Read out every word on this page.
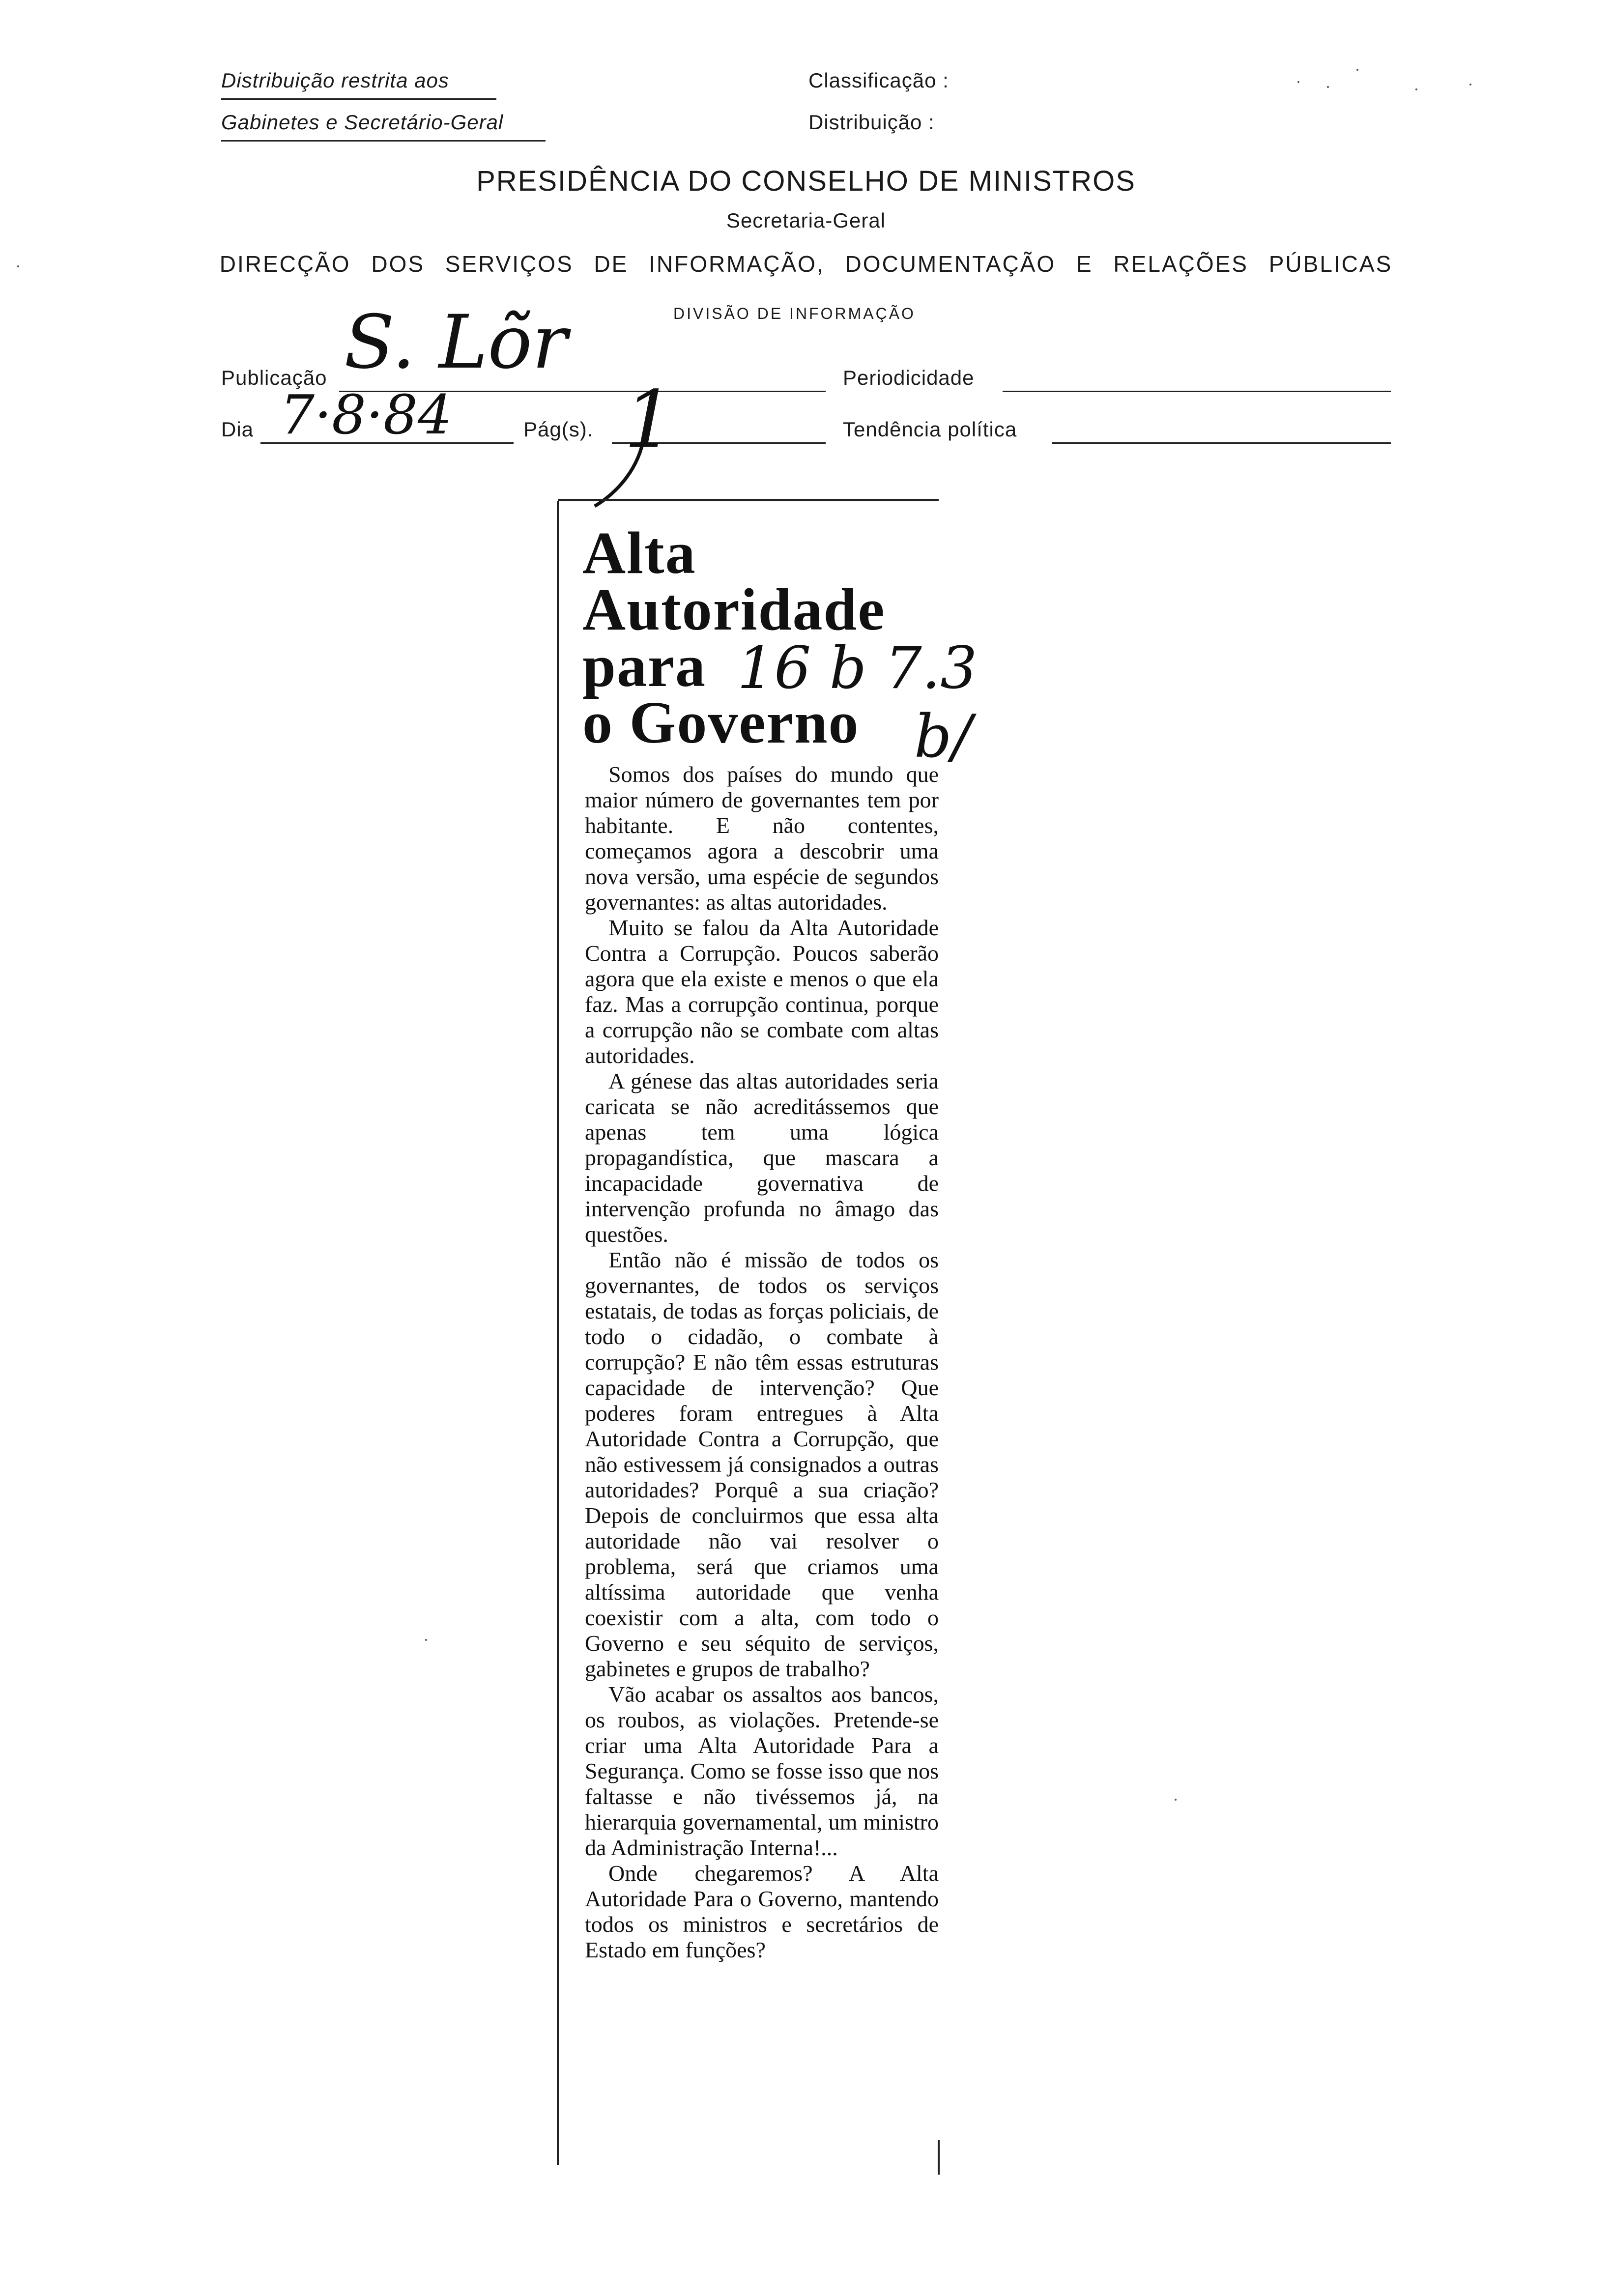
Distribuição restrita aos
Gabinetes e Secretário-Geral
Classificação :
Distribuição :
PRESIDÊNCIA DO CONSELHO DE MINISTROS
Secretaria-Geral
DIRECÇÃO DOS SERVIÇOS DE INFORMAÇÃO, DOCUMENTAÇÃO E RELAÇÕES PÚBLICAS
DIVISÃO DE INFORMAÇÃO
Publicação S. Lõr	Periodicidade
Dia 7·8·84	Pág(s). 1	Tendência política
Alta
Autoridade
para
o Governo
16 b 7.3
b/

Somos dos países do mundo que maior número de governantes tem por habitante. E não contentes, começamos agora a descobrir uma nova versão, uma espécie de segundos governantes: as altas autoridades.

Muito se falou da Alta Autoridade Contra a Corrupção. Poucos saberão agora que ela existe e menos o que ela faz. Mas a corrupção continua, porque a corrupção não se combate com altas autoridades.

A génese das altas autoridades seria caricata se não acreditássemos que apenas tem uma lógica propagandística, que mascara a incapacidade governativa de intervenção profunda no âmago das questões.

Então não é missão de todos os governantes, de todos os serviços estatais, de todas as forças policiais, de todo o cidadão, o combate à corrupção? E não têm essas estruturas capacidade de intervenção? Que poderes foram entregues à Alta Autoridade Contra a Corrupção, que não estivessem já consignados a outras autoridades? Porquê a sua criação? Depois de concluirmos que essa alta autoridade não vai resolver o problema, será que criamos uma altíssima autoridade que venha coexistir com a alta, com todo o Governo e seu séquito de serviços, gabinetes e grupos de trabalho?

Vão acabar os assaltos aos bancos, os roubos, as violações. Pretende-se criar uma Alta Autoridade Para a Segurança. Como se fosse isso que nos faltasse e não tivéssemos já, na hierarquia governamental, um ministro da Administração Interna!...

Onde chegaremos? A Alta Autoridade Para o Governo, mantendo todos os ministros e secretários de Estado em funções?
